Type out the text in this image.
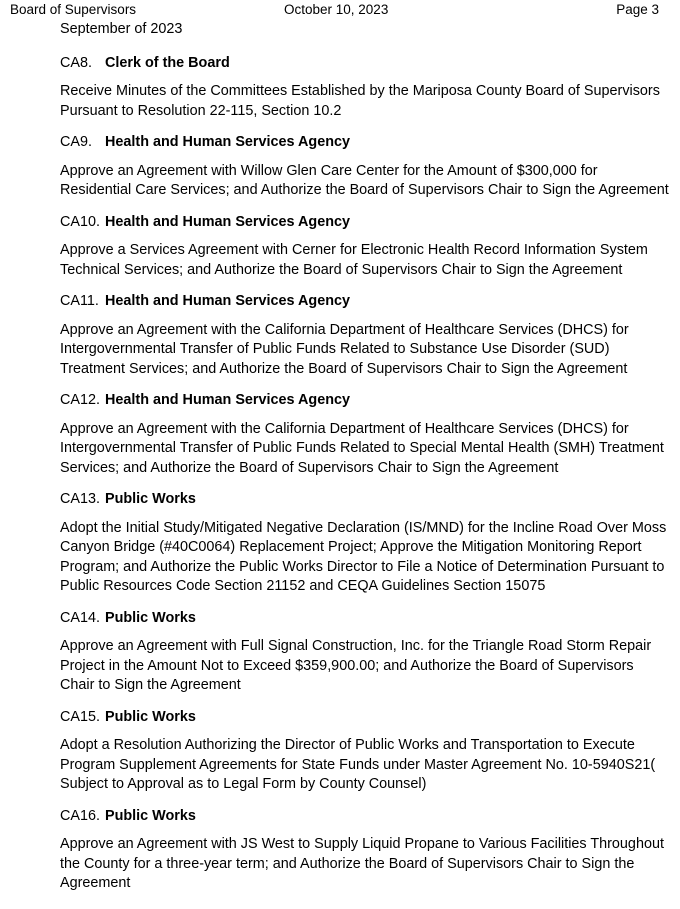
Board of Supervisors	October 10, 2023	Page 3

September of 2023

CA8. Clerk of the Board

Receive Minutes of the Committees Established by the Mariposa County Board of Supervisors Pursuant to Resolution 22-115, Section 10.2

CA9. Health and Human Services Agency

Approve an Agreement with Willow Glen Care Center for the Amount of $300,000 for Residential Care Services; and Authorize the Board of Supervisors Chair to Sign the Agreement

CA10. Health and Human Services Agency

Approve a Services Agreement with Cerner for Electronic Health Record Information System Technical Services; and Authorize the Board of Supervisors Chair to Sign the Agreement

CA11. Health and Human Services Agency

Approve an Agreement with the California Department of Healthcare Services (DHCS) for Intergovernmental Transfer of Public Funds Related to Substance Use Disorder (SUD) Treatment Services; and Authorize the Board of Supervisors Chair to Sign the Agreement

CA12. Health and Human Services Agency

Approve an Agreement with the California Department of Healthcare Services (DHCS) for Intergovernmental Transfer of Public Funds Related to Special Mental Health (SMH) Treatment Services; and Authorize the Board of Supervisors Chair to Sign the Agreement

CA13. Public Works

Adopt the Initial Study/Mitigated Negative Declaration (IS/MND) for the Incline Road Over Moss Canyon Bridge (#40C0064) Replacement Project; Approve the Mitigation Monitoring Report Program; and Authorize the Public Works Director to File a Notice of Determination Pursuant to Public Resources Code Section 21152 and CEQA Guidelines Section 15075

CA14. Public Works

Approve an Agreement with Full Signal Construction, Inc. for the Triangle Road Storm Repair Project in the Amount Not to Exceed $359,900.00; and Authorize the Board of Supervisors Chair to Sign the Agreement

CA15. Public Works

Adopt a Resolution Authorizing the Director of Public Works and Transportation to Execute Program Supplement Agreements for State Funds under Master Agreement No. 10-5940S21( Subject to Approval as to Legal Form by County Counsel)

CA16. Public Works

Approve an Agreement with JS West to Supply Liquid Propane to Various Facilities Throughout the County for a three-year term; and Authorize the Board of Supervisors Chair to Sign the Agreement
